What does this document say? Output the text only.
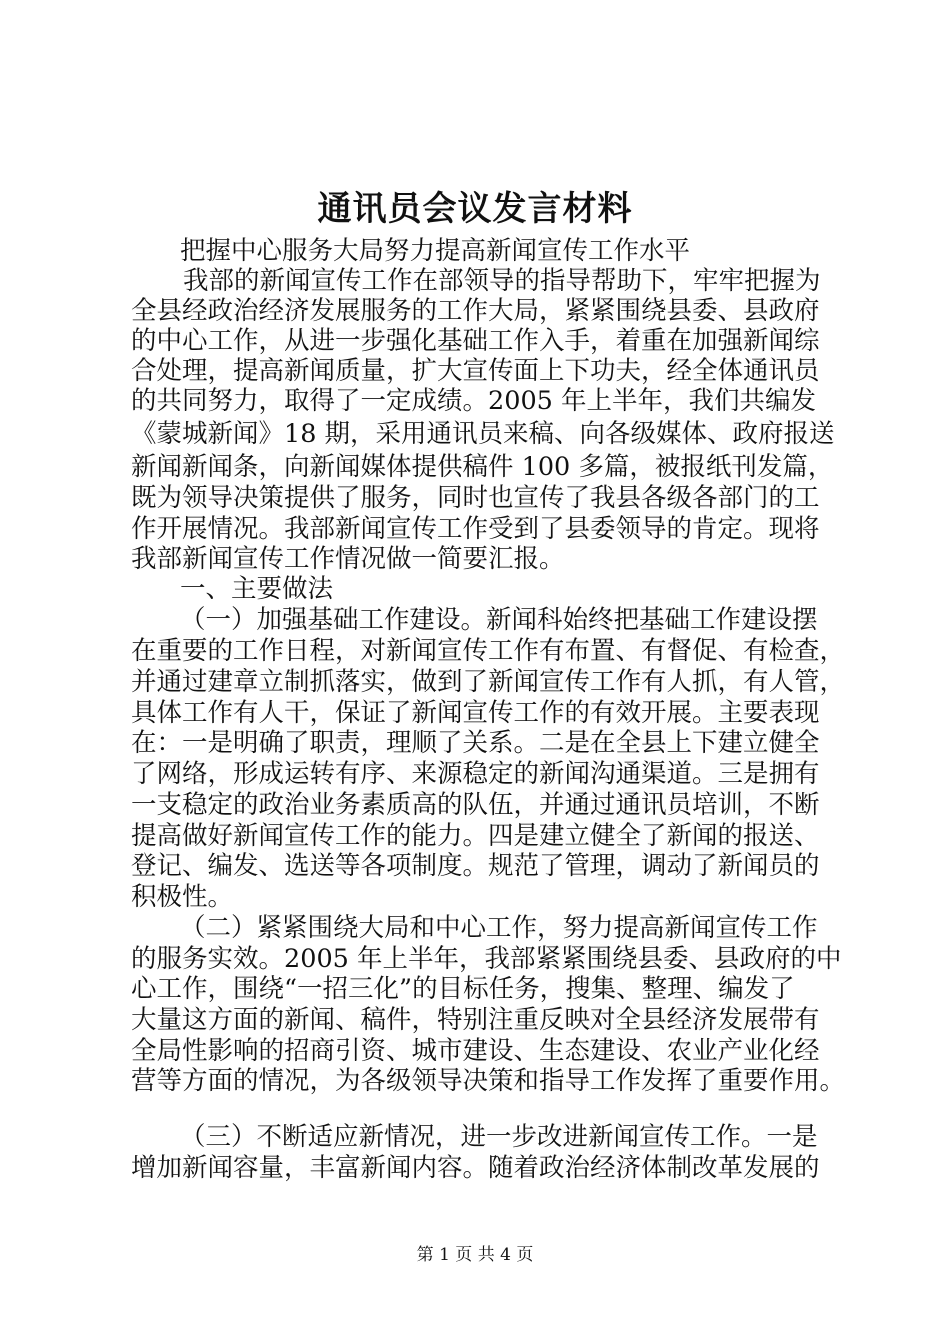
通讯员会议发言材料
把握中心服务大局努力提高新闻宣传工作水平
我部的新闻宣传工作在部领导的指导帮助下，牢牢把握为
全县经政治经济发展服务的工作大局，紧紧围绕县委、县政府
的中心工作，从进一步强化基础工作入手，着重在加强新闻综
合处理，提高新闻质量，扩大宣传面上下功夫，经全体通讯员
的共同努力，取得了一定成绩。2005 年上半年，我们共编发
《蒙城新闻》18 期，采用通讯员来稿、向各级媒体、政府报送
新闻新闻条，向新闻媒体提供稿件 100 多篇，被报纸刊发篇，
既为领导决策提供了服务，同时也宣传了我县各级各部门的工
作开展情况。我部新闻宣传工作受到了县委领导的肯定。现将
我部新闻宣传工作情况做一简要汇报。
一、主要做法
（一）加强基础工作建设。新闻科始终把基础工作建设摆
在重要的工作日程，对新闻宣传工作有布置、有督促、有检查，
并通过建章立制抓落实，做到了新闻宣传工作有人抓，有人管，
具体工作有人干，保证了新闻宣传工作的有效开展。主要表现
在：一是明确了职责，理顺了关系。二是在全县上下建立健全
了网络，形成运转有序、来源稳定的新闻沟通渠道。三是拥有
一支稳定的政治业务素质高的队伍，并通过通讯员培训，不断
提高做好新闻宣传工作的能力。四是建立健全了新闻的报送、
登记、编发、选送等各项制度。规范了管理，调动了新闻员的
积极性。
（二）紧紧围绕大局和中心工作，努力提高新闻宣传工作
的服务实效。2005 年上半年，我部紧紧围绕县委、县政府的中
心工作，围绕“一招三化”的目标任务，搜集、整理、编发了
大量这方面的新闻、稿件，特别注重反映对全县经济发展带有
全局性影响的招商引资、城市建设、生态建设、农业产业化经
营等方面的情况，为各级领导决策和指导工作发挥了重要作用。
（三）不断适应新情况，进一步改进新闻宣传工作。一是
增加新闻容量，丰富新闻内容。随着政治经济体制改革发展的
第 1 页 共 4 页
